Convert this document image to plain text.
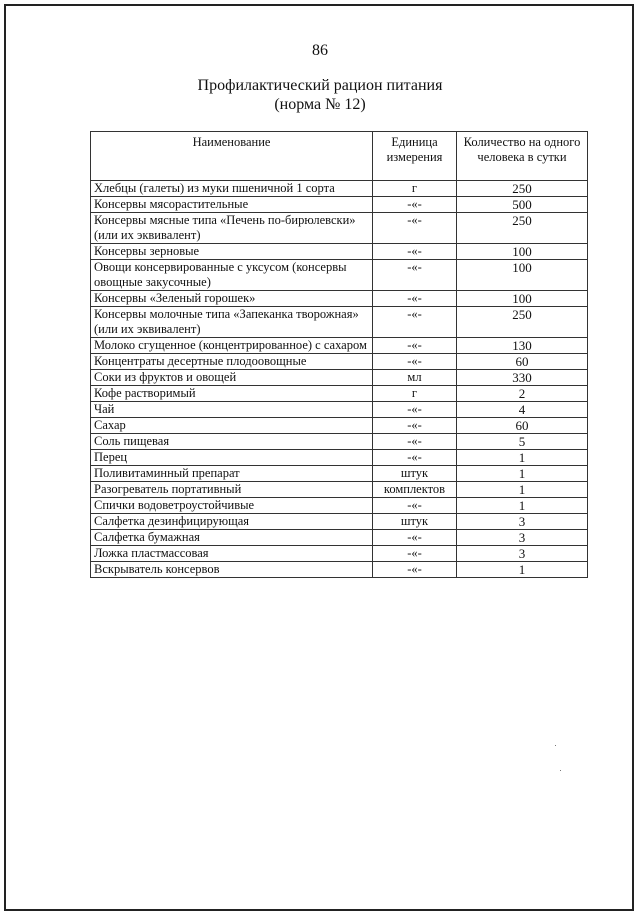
86
Профилактический рацион питания
(норма № 12)
Наименование	Единица измерения	Количество на одного человека в сутки
Хлебцы (галеты) из муки пшеничной 1 сорта	г	250
Консервы мясорастительные	-«-	500
Консервы мясные типа «Печень по-бирюлевски» (или их эквивалент)	-«-	250
Консервы зерновые	-«-	100
Овощи консервированные с уксусом (консервы овощные закусочные)	-«-	100
Консервы «Зеленый горошек»	-«-	100
Консервы молочные типа «Запеканка творожная» (или их эквивалент)	-«-	250
Молоко сгущенное (концентрированное) с сахаром	-«-	130
Концентраты десертные плодоовощные	-«-	60
Соки из фруктов и овощей	мл	330
Кофе растворимый	г	2
Чай	-«-	4
Сахар	-«-	60
Соль пищевая	-«-	5
Перец	-«-	1
Поливитаминный препарат	штук	1
Разогреватель портативный	комплектов	1
Спички водоветроустойчивые	-«-	1
Салфетка дезинфицирующая	штук	3
Салфетка бумажная	-«-	3
Ложка пластмассовая	-«-	3
Вскрыватель консервов	-«-	1
